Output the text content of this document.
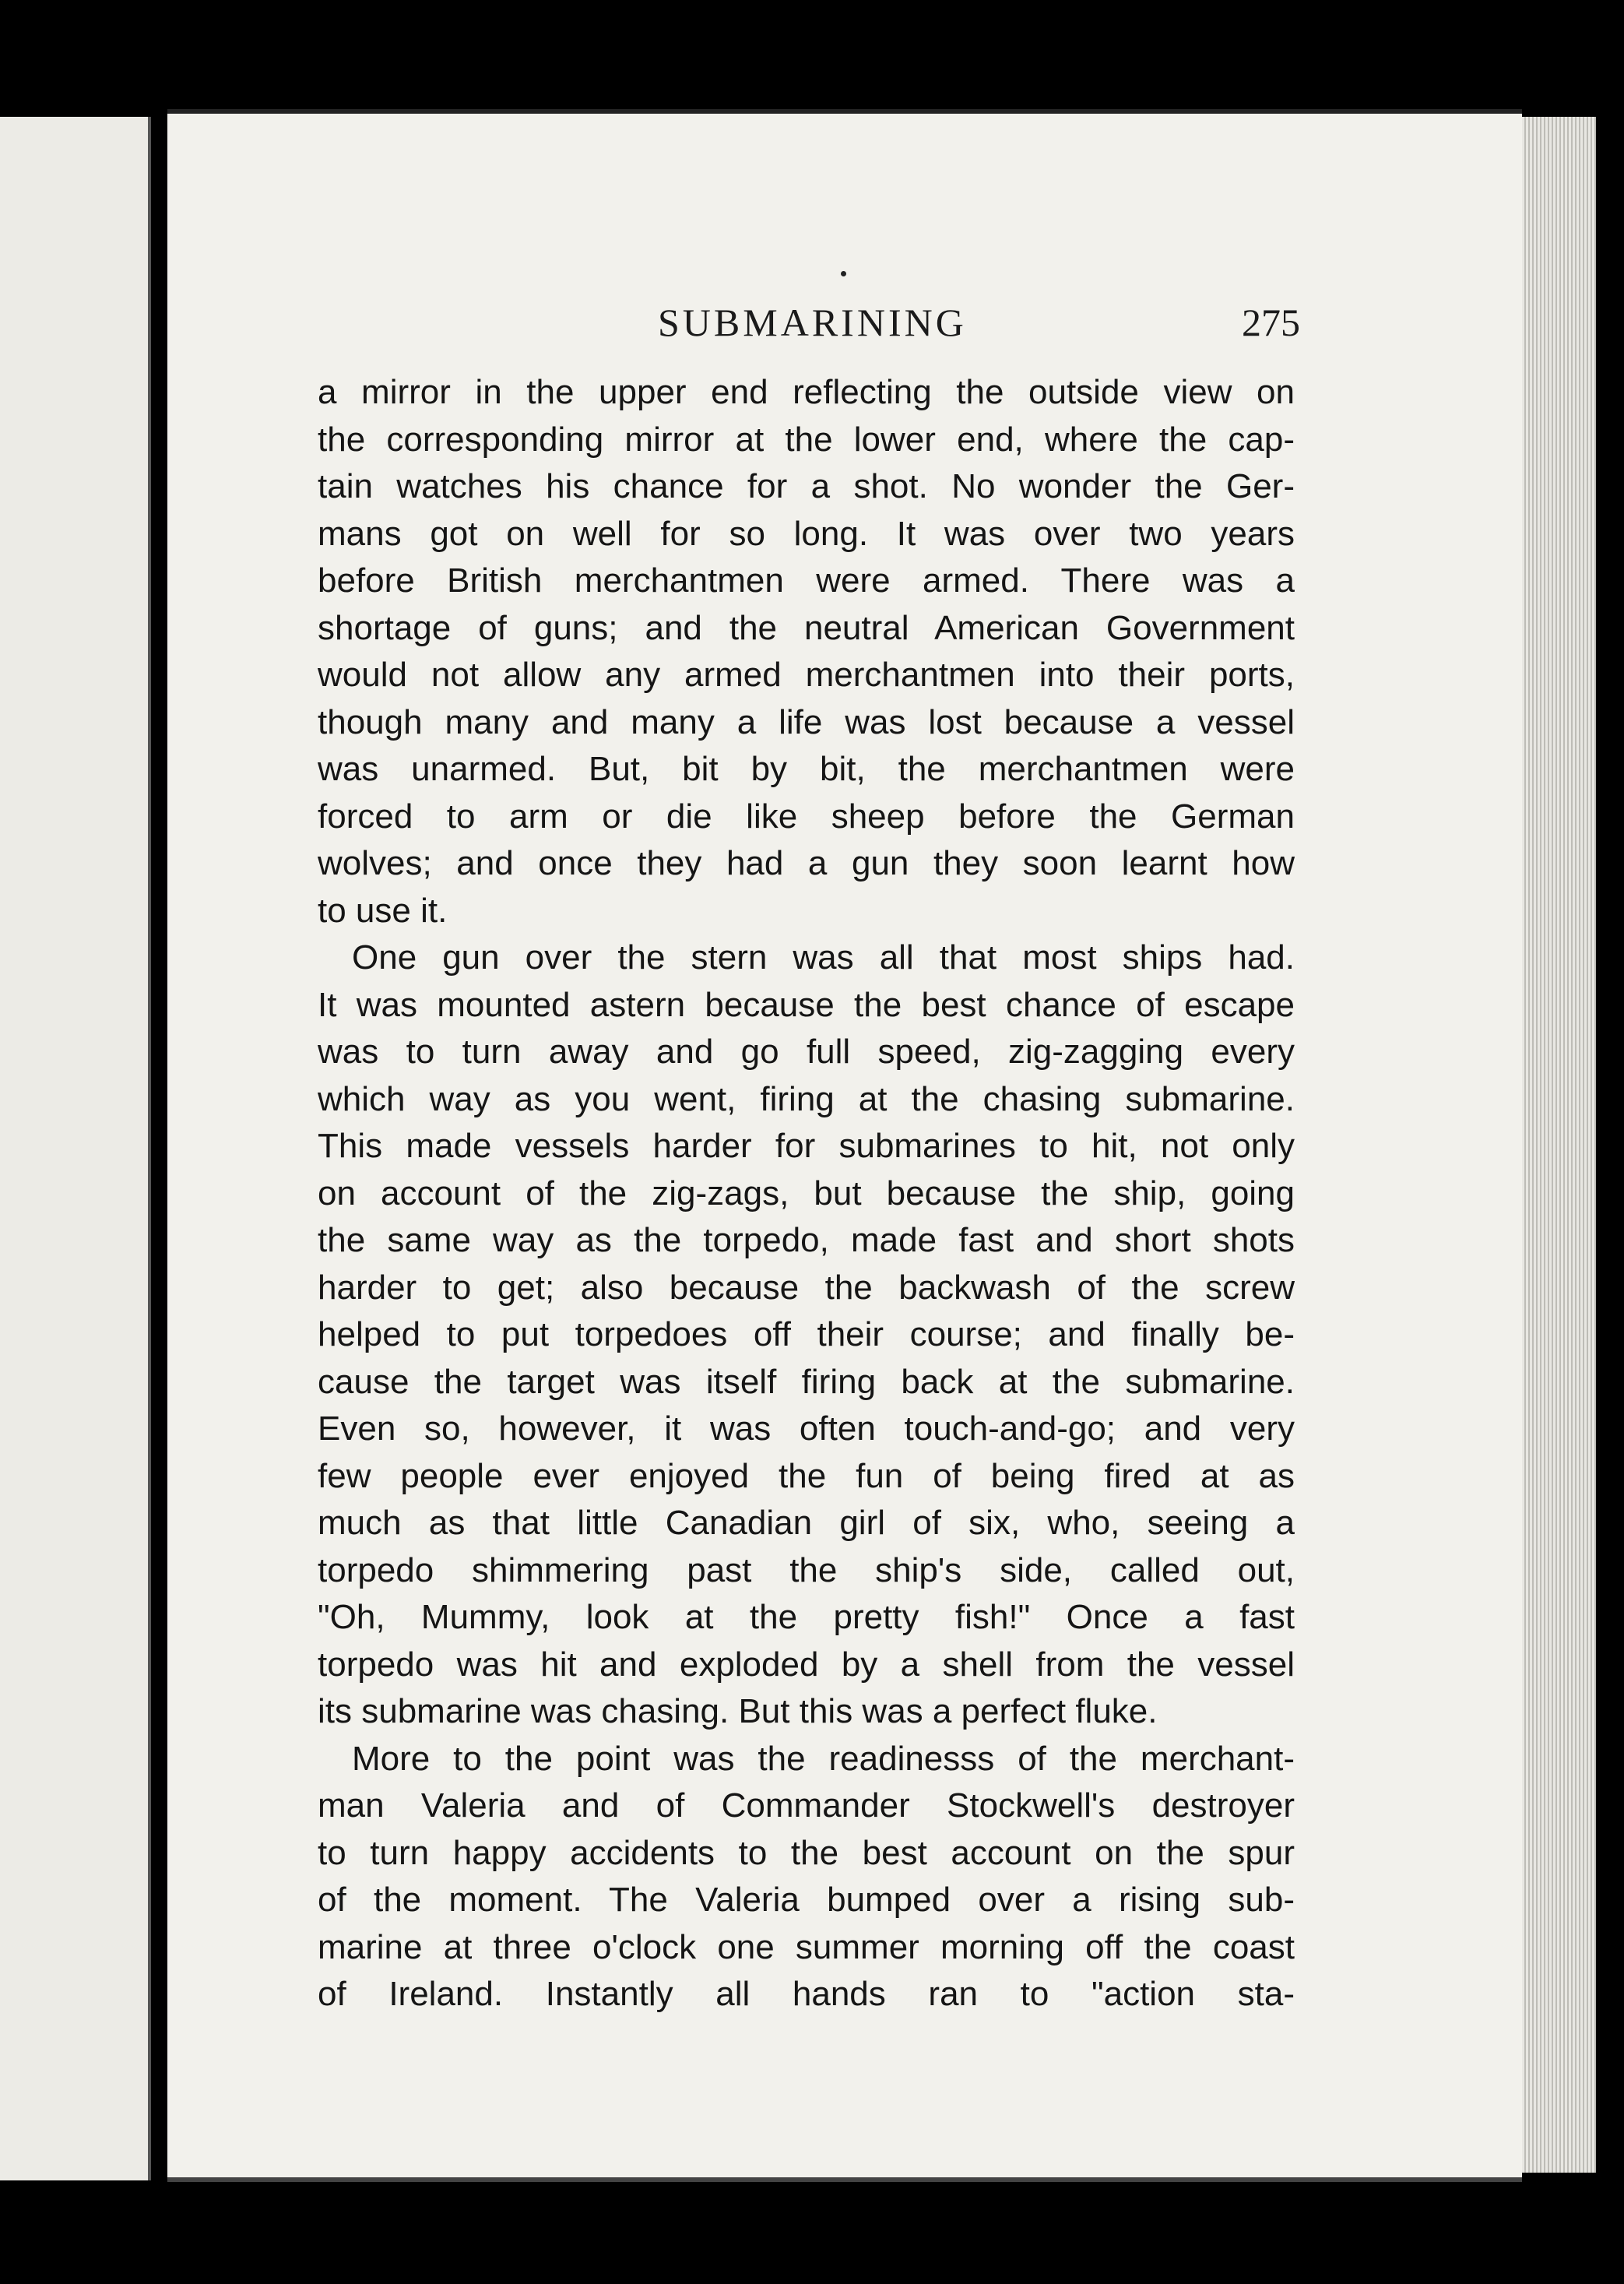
SUBMARINING	275
a mirror in the upper end reflecting the outside view on
the corresponding mirror at the lower end, where the cap-
tain watches his chance for a shot. No wonder the Ger-
mans got on well for so long. It was over two years
before British merchantmen were armed. There was a
shortage of guns; and the neutral American Government
would not allow any armed merchantmen into their ports,
though many and many a life was lost because a vessel
was unarmed. But, bit by bit, the merchantmen were
forced to arm or die like sheep before the German
wolves; and once they had a gun they soon learnt how
to use it.
One gun over the stern was all that most ships had.
It was mounted astern because the best chance of escape
was to turn away and go full speed, zig-zagging every
which way as you went, firing at the chasing submarine.
This made vessels harder for submarines to hit, not only
on account of the zig-zags, but because the ship, going
the same way as the torpedo, made fast and short shots
harder to get; also because the backwash of the screw
helped to put torpedoes off their course; and finally be-
cause the target was itself firing back at the submarine.
Even so, however, it was often touch-and-go; and very
few people ever enjoyed the fun of being fired at as
much as that little Canadian girl of six, who, seeing a
torpedo shimmering past the ship's side, called out,
"Oh, Mummy, look at the pretty fish!" Once a fast
torpedo was hit and exploded by a shell from the vessel
its submarine was chasing. But this was a perfect fluke.
More to the point was the readinesss of the merchant-
man Valeria and of Commander Stockwell's destroyer
to turn happy accidents to the best account on the spur
of the moment. The Valeria bumped over a rising sub-
marine at three o'clock one summer morning off the coast
of Ireland. Instantly all hands ran to "action sta-
